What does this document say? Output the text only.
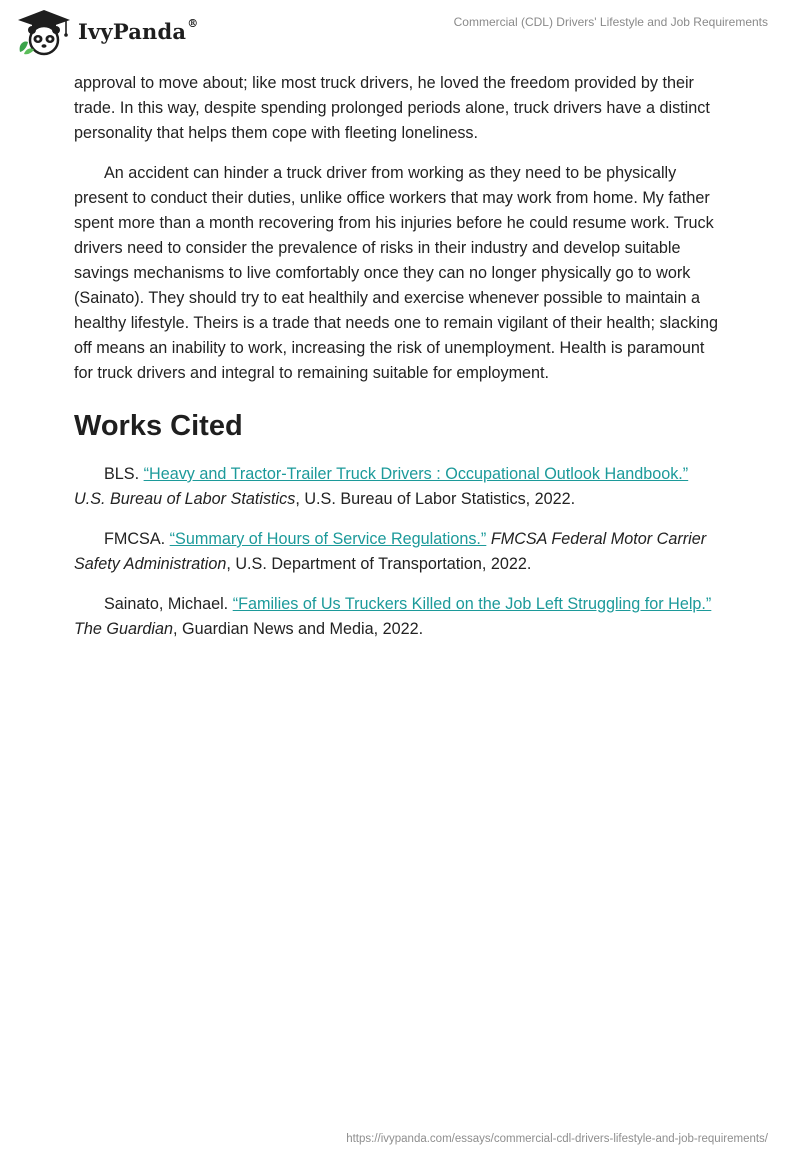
IvyPanda®	Commercial (CDL) Drivers' Lifestyle and Job Requirements

approval to move about; like most truck drivers, he loved the freedom provided by their trade. In this way, despite spending prolonged periods alone, truck drivers have a distinct personality that helps them cope with fleeting loneliness.

An accident can hinder a truck driver from working as they need to be physically present to conduct their duties, unlike office workers that may work from home. My father spent more than a month recovering from his injuries before he could resume work. Truck drivers need to consider the prevalence of risks in their industry and develop suitable savings mechanisms to live comfortably once they can no longer physically go to work (Sainato). They should try to eat healthily and exercise whenever possible to maintain a healthy lifestyle. Theirs is a trade that needs one to remain vigilant of their health; slacking off means an inability to work, increasing the risk of unemployment. Health is paramount for truck drivers and integral to remaining suitable for employment.

Works Cited

BLS. “Heavy and Tractor-Trailer Truck Drivers : Occupational Outlook Handbook.” U.S. Bureau of Labor Statistics, U.S. Bureau of Labor Statistics, 2022.

FMCSA. “Summary of Hours of Service Regulations.” FMCSA Federal Motor Carrier Safety Administration, U.S. Department of Transportation, 2022.

Sainato, Michael. “Families of Us Truckers Killed on the Job Left Struggling for Help.” The Guardian, Guardian News and Media, 2022.

https://ivypanda.com/essays/commercial-cdl-drivers-lifestyle-and-job-requirements/
